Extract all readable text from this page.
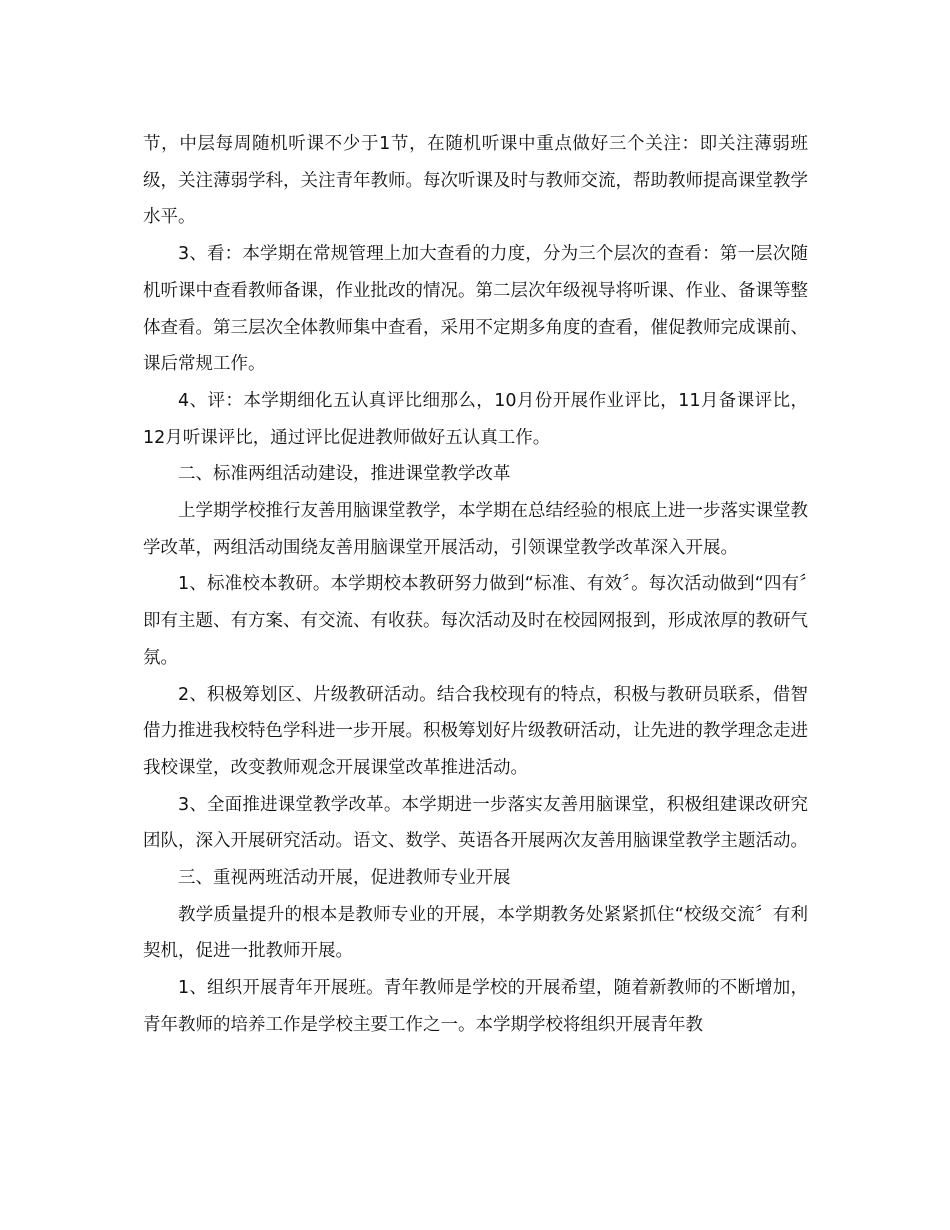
节，中层每周随机听课不少于1节，在随机听课中重点做好三个关注：即关注薄弱班级，关注薄弱学科，关注青年教师。每次听课及时与教师交流，帮助教师提高课堂教学水平。

3、看：本学期在常规管理上加大查看的力度，分为三个层次的查看：第一层次随机听课中查看教师备课，作业批改的情况。第二层次年级视导将听课、作业、备课等整体查看。第三层次全体教师集中查看，采用不定期多角度的查看，催促教师完成课前、课后常规工作。

4、评：本学期细化五认真评比细那么，10月份开展作业评比，11月备课评比，12月听课评比，通过评比促进教师做好五认真工作。

二、标准两组活动建设，推进课堂教学改革

上学期学校推行友善用脑课堂教学，本学期在总结经验的根底上进一步落实课堂教学改革，两组活动围绕友善用脑课堂开展活动，引领课堂教学改革深入开展。

1、标准校本教研。本学期校本教研努力做到“标准、有效〞。每次活动做到“四有〞即有主题、有方案、有交流、有收获。每次活动及时在校园网报到，形成浓厚的教研气氛。

2、积极筹划区、片级教研活动。结合我校现有的特点，积极与教研员联系，借智借力推进我校特色学科进一步开展。积极筹划好片级教研活动，让先进的教学理念走进我校课堂，改变教师观念开展课堂改革推进活动。

3、全面推进课堂教学改革。本学期进一步落实友善用脑课堂，积极组建课改研究团队，深入开展研究活动。语文、数学、英语各开展两次友善用脑课堂教学主题活动。

三、重视两班活动开展，促进教师专业开展

教学质量提升的根本是教师专业的开展，本学期教务处紧紧抓住“校级交流〞有利契机，促进一批教师开展。

1、组织开展青年开展班。青年教师是学校的开展希望，随着新教师的不断增加，青年教师的培养工作是学校主要工作之一。本学期学校将组织开展青年教
